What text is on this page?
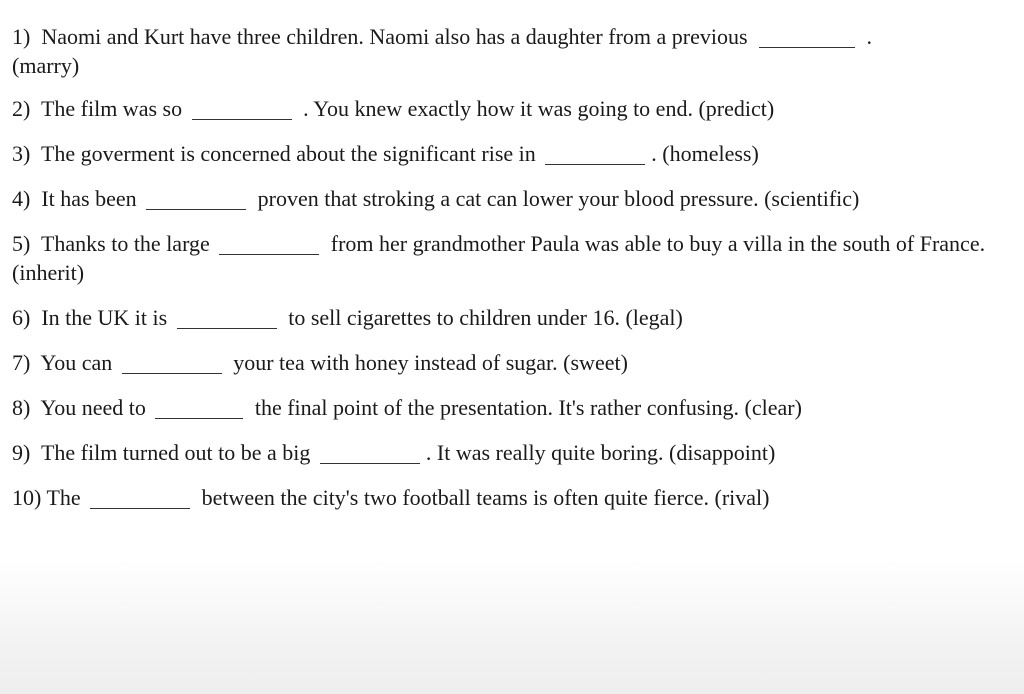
1) Naomi and Kurt have three children. Naomi also has a daughter from a previous	.
(marry)
2) The film was so	. You knew exactly how it was going to end. (predict)
3) The goverment is concerned about the significant rise in	. (homeless)
4) It has been	proven that stroking a cat can lower your blood pressure. (scientific)
5) Thanks to the large	from her grandmother Paula was able to buy a villa in the south of France. (inherit)
6) In the UK it is	to sell cigarettes to children under 16. (legal)
7) You can	your tea with honey instead of sugar. (sweet)
8) You need to	the final point of the presentation. It's rather confusing. (clear)
9) The film turned out to be a big	. It was really quite boring. (disappoint)
10) The	between the city's two football teams is often quite fierce. (rival)
